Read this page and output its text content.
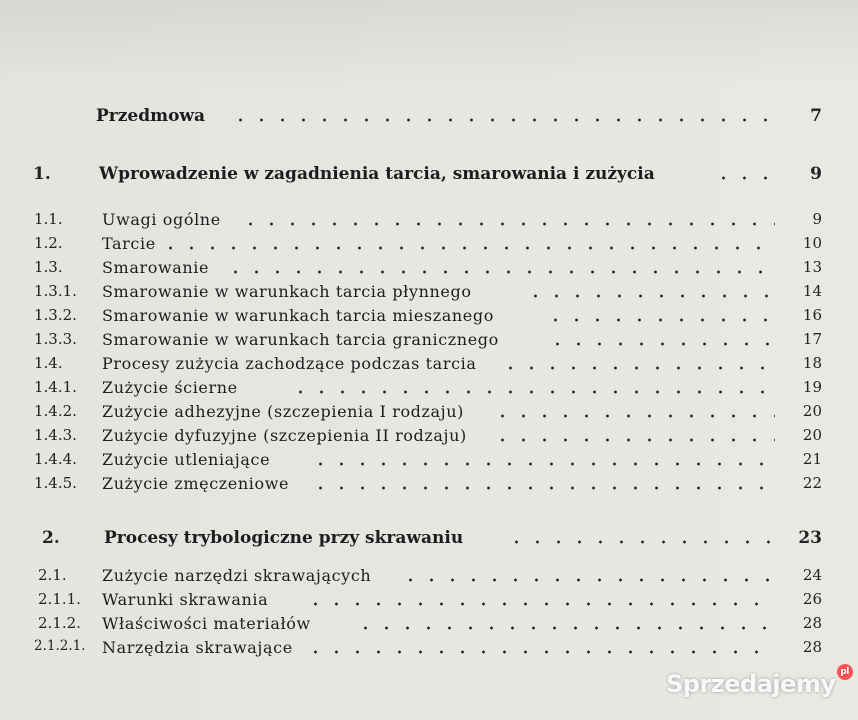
Przedmowa	7
1.	Wprowadzenie w zagadnienia tarcia, smarowania i zużycia	9
1.1. Uwagi ogólne	9
1.2. Tarcie	10
1.3. Smarowanie	13
1.3.1. Smarowanie w warunkach tarcia płynnego	14
1.3.2. Smarowanie w warunkach tarcia mieszanego	16
1.3.3. Smarowanie w warunkach tarcia granicznego	17
1.4. Procesy zużycia zachodzące podczas tarcia	18
1.4.1. Zużycie ścierne	19
1.4.2. Zużycie adhezyjne (szczepienia I rodzaju)	20
1.4.3. Zużycie dyfuzyjne (szczepienia II rodzaju)	20
1.4.4. Zużycie utleniające	21
1.4.5. Zużycie zmęczeniowe	22
2.	Procesy trybologiczne przy skrawaniu	23
2.1. Zużycie narzędzi skrawających	24
2.1.1. Warunki skrawania	26
2.1.2. Właściwości materiałów	28
2.1.2.1. Narzędzia skrawające	28
Sprzedajemy pl
